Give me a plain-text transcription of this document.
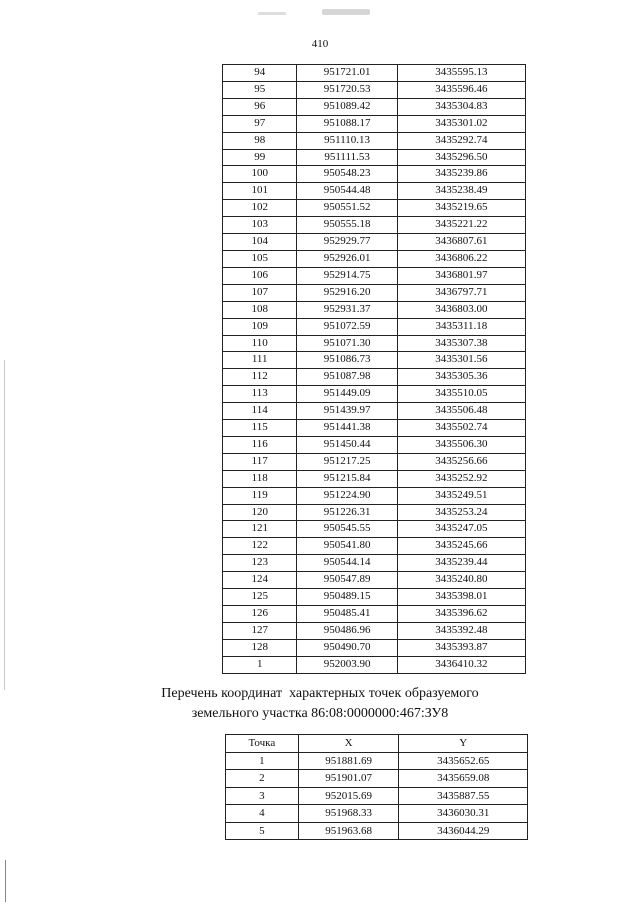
410
94	951721.01	3435595.13
95	951720.53	3435596.46
96	951089.42	3435304.83
97	951088.17	3435301.02
98	951110.13	3435292.74
99	951111.53	3435296.50
100	950548.23	3435239.86
101	950544.48	3435238.49
102	950551.52	3435219.65
103	950555.18	3435221.22
104	952929.77	3436807.61
105	952926.01	3436806.22
106	952914.75	3436801.97
107	952916.20	3436797.71
108	952931.37	3436803.00
109	951072.59	3435311.18
110	951071.30	3435307.38
111	951086.73	3435301.56
112	951087.98	3435305.36
113	951449.09	3435510.05
114	951439.97	3435506.48
115	951441.38	3435502.74
116	951450.44	3435506.30
117	951217.25	3435256.66
118	951215.84	3435252.92
119	951224.90	3435249.51
120	951226.31	3435253.24
121	950545.55	3435247.05
122	950541.80	3435245.66
123	950544.14	3435239.44
124	950547.89	3435240.80
125	950489.15	3435398.01
126	950485.41	3435396.62
127	950486.96	3435392.48
128	950490.70	3435393.87
1	952003.90	3436410.32
Перечень координат  характерных точек образуемого
земельного участка 86:08:0000000:467:ЗУ8
Точка	X	Y
1	951881.69	3435652.65
2	951901.07	3435659.08
3	952015.69	3435887.55
4	951968.33	3436030.31
5	951963.68	3436044.29
